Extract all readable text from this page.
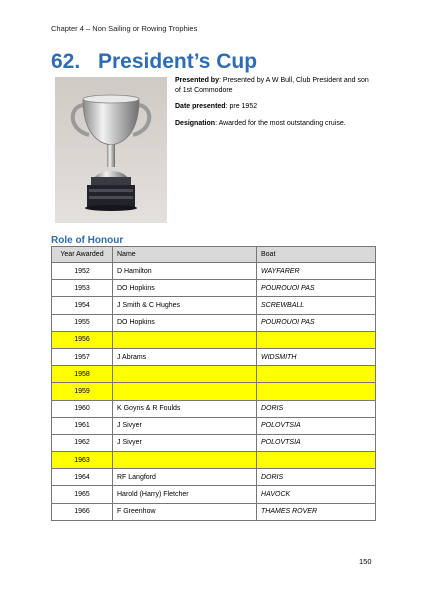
Chapter 4 – Non Sailing or Rowing Trophies
62. President’s Cup
Presented by: Presented by A W Bull, Club President and son of 1st Commodore
Date presented: pre 1952
Designation: Awarded for the most outstanding cruise.
Role of Honour
Year Awarded	Name	Boat
1952	D Hamilton	WAYFARER
1953	DO Hopkins	POUROUOI PAS
1954	J Smith & C Hughes	SCREWBALL
1955	DO Hopkins	POUROUOI PAS
1956		
1957	J Abrams	WIDSMITH
1958		
1959		
1960	K Goyns & R Foulds	DORIS
1961	J Sivyer	POLOVTSIA
1962	J Sivyer	POLOVTSIA
1963		
1964	RF Langford	DORIS
1965	Harold (Harry) Fletcher	HAVOCK
1966	F Greenhow	THAMES ROVER
150
